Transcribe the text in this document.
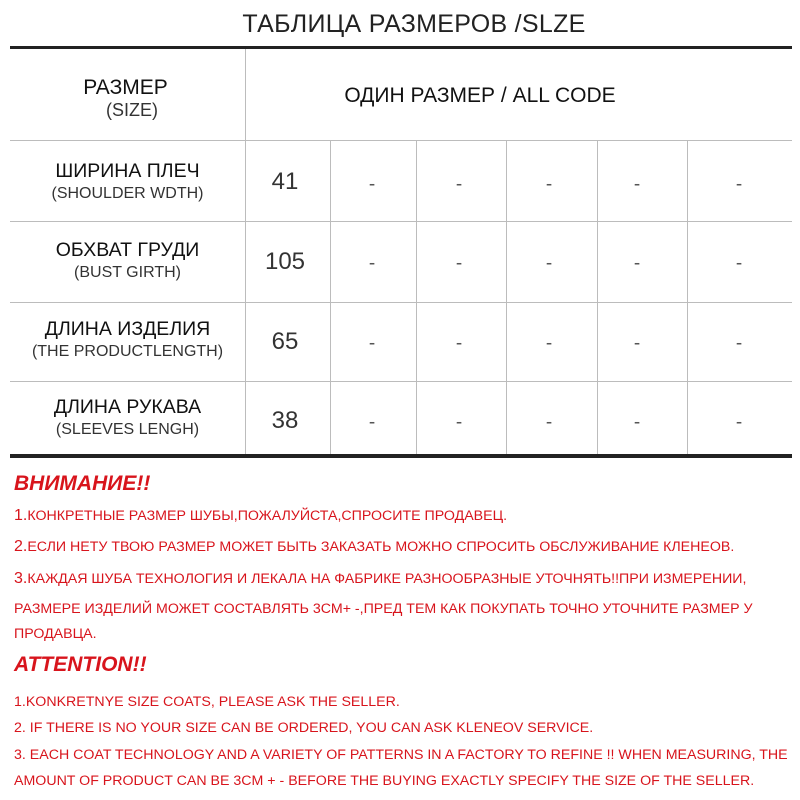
ТАБЛИЦА РАЗМЕРОВ /SLZE
РАЗМЕР
(SIZE)
ОДИН РАЗМЕР / ALL CODE
ШИРИНА ПЛЕЧ
(SHOULDER WDTH)	41	-	-	-	-	-
ОБХВАТ ГРУДИ
(BUST GIRTH)	105	-	-	-	-	-
ДЛИНА ИЗДЕЛИЯ
(THE PRODUCTLENGTH)	65	-	-	-	-	-
ДЛИНА РУКАВА
(SLEEVES LENGH)	38	-	-	-	-	-
ВНИМАНИЕ!!
1.КОНКРЕТНЫЕ РАЗМЕР ШУБЫ,ПОЖАЛУЙСТА,СПРОСИТЕ ПРОДАВЕЦ.
2.ЕСЛИ НЕТУ ТВОЮ РАЗМЕР МОЖЕТ БЫТЬ ЗАКАЗАТЬ МОЖНО СПРОСИТЬ ОБСЛУЖИВАНИЕ КЛЕНЕОВ.
3.КАЖДАЯ ШУБА ТЕХНОЛОГИЯ И ЛЕКАЛА НА ФАБРИКЕ РАЗНООБРАЗНЫЕ УТОЧНЯТЬ!!ПРИ ИЗМЕРЕНИИ,
РАЗМЕРЕ ИЗДЕЛИЙ МОЖЕТ СОСТАВЛЯТЬ 3СМ+ -,ПРЕД ТЕМ КАК ПОКУПАТЬ ТОЧНО УТОЧНИТЕ РАЗМЕР У
ПРОДАВЦА.
ATTENTION!!
1.KONKRETNYE SIZE COATS, PLEASE ASK THE SELLER.
2. IF THERE IS NO YOUR SIZE CAN BE ORDERED, YOU CAN ASK KLENEOV SERVICE.
3. EACH COAT TECHNOLOGY AND A VARIETY OF PATTERNS IN A FACTORY TO REFINE !! WHEN MEASURING, THE
AMOUNT OF PRODUCT CAN BE 3CM + - BEFORE THE BUYING EXACTLY SPECIFY THE SIZE OF THE SELLER.
